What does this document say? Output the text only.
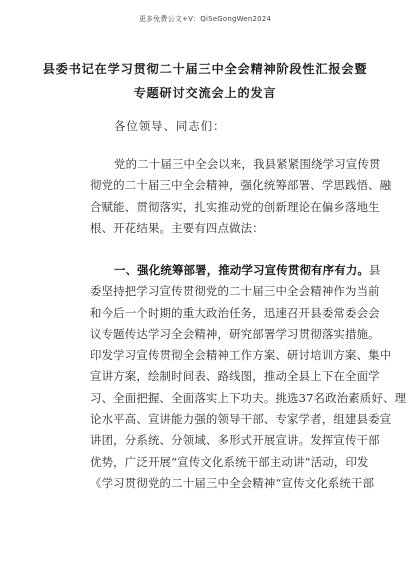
更多免费公文+V：QiSeGongWen2024
县委书记在学习贯彻二十届三中全会精神阶段性汇报会暨
专题研讨交流会上的发言
各位领导、同志们：
党的二十届三中全会以来，我县紧紧围绕学习宣传贯
彻党的二十届三中全会精神，强化统筹部署、学思践悟、融
合赋能、贯彻落实，扎实推动党的创新理论在偏乡落地生
根、开花结果。主要有四点做法：
一、强化统筹部署，推动学习宣传贯彻有序有力。县
委坚持把学习宣传贯彻党的二十届三中全会精神作为当前
和今后一个时期的重大政治任务，迅速召开县委常委会会
议专题传达学习全会精神，研究部署学习贯彻落实措施。
印发学习宣传贯彻全会精神工作方案、研讨培训方案、集中
宣讲方案，绘制时间表、路线图，推动全县上下在全面学
习、全面把握、全面落实上下功夫。挑选37名政治素质好、理
论水平高、宣讲能力强的领导干部、专家学者，组建县委宣
讲团，分系统、分领域、多形式开展宣讲。发挥宣传干部
优势，广泛开展“宣传文化系统干部主动讲”活动，印发
《学习贯彻党的二十届三中全会精神“宣传文化系统干部
